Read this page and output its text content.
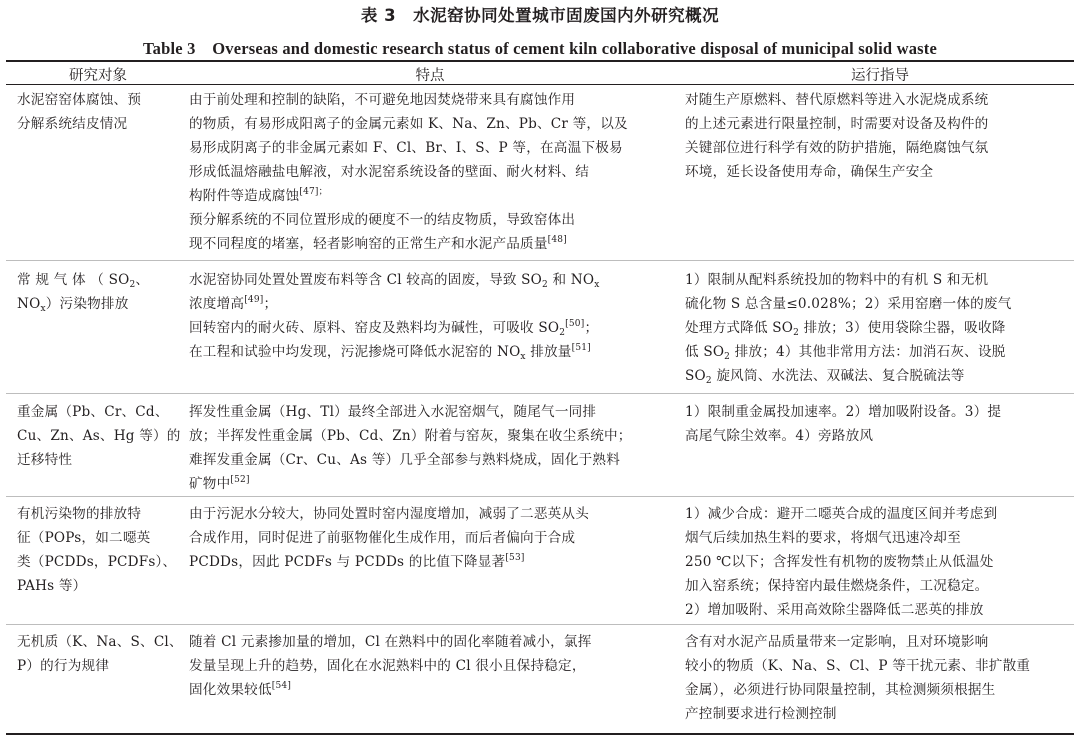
表 3　水泥窑协同处置城市固废国内外研究概况
Table 3　Overseas and domestic research status of cement kiln collaborative disposal of municipal solid waste
研究对象	特点	运行指导
水泥窑窑体腐蚀、预
分解系统结皮情况
由于前处理和控制的缺陷，不可避免地因焚烧带来具有腐蚀作用
的物质，有易形成阳离子的金属元素如 K、Na、Zn、Pb、Cr 等，以及
易形成阴离子的非金属元素如 F、Cl、Br、I、S、P 等，在高温下极易
形成低温熔融盐电解液，对水泥窑系统设备的壁面、耐火材料、结
构附件等造成腐蚀$^{[47];}$
预分解系统的不同位置形成的硬度不一的结皮物质，导致窑体出
现不同程度的堵塞，轻者影响窑的正常生产和水泥产品质量[48]
对随生产原燃料、替代原燃料等进入水泥烧成系统
的上述元素进行限量控制，时需要对设备及构件的
关键部位进行科学有效的防护措施，隔绝腐蚀气氛
环境，延长设备使用寿命，确保生产安全
常 规 气 体 （ $SO_2$、
$NO_x$）污染物排放
水泥窑协同处置处置废布料等含 Cl 较高的固废，导致 $SO_2$ 和 $NO_x$
浓度增高[49]；
回转窑内的耐火砖、原料、窑皮及熟料均为碱性，可吸收 $SO_2[50]$；
在工程和试验中均发现，污泥掺烧可降低水泥窑的 $NO_x$ 排放量[51]
1）限制从配料系统投加的物料中的有机 S 和无机
硫化物 S 总含量≤0.028%；2）采用窑磨一体的废气
处理方式降低 $SO_2$ 排放；3）使用袋除尘器，吸收降
低 $SO_2$ 排放；4）其他非常用方法：加消石灰、设脱
$SO_2$ 旋风筒、水洗法、双碱法、复合脱硫法等
重金属（Pb、Cr、Cd、
Cu、Zn、As、Hg 等）的
迁移特性
挥发性重金属（Hg、Tl）最终全部进入水泥窑烟气，随尾气一同排
放；半挥发性重金属（Pb、Cd、Zn）附着与窑灰，聚集在收尘系统中；
难挥发重金属（Cr、Cu、As 等）几乎全部参与熟料烧成，固化于熟料
矿物中[52]
1）限制重金属投加速率。2）增加吸附设备。3）提
高尾气除尘效率。4）旁路放风
有机污染物的排放特
征（POPs，如二噁英
类（PCDDs，PCDFs）、
PAHs 等）
由于污泥水分较大，协同处置时窑内湿度增加，减弱了二恶英从头
合成作用，同时促进了前驱物催化生成作用，而后者偏向于合成
PCDDs，因此 PCDFs 与 PCDDs 的比值下降显著[53]
1）减少合成：避开二噁英合成的温度区间并考虑到
烟气后续加热生料的要求，将烟气迅速冷却至
250 ℃以下；含挥发性有机物的废物禁止从低温处
加入窑系统；保持窑内最佳燃烧条件，工况稳定。
2）增加吸附、采用高效除尘器降低二恶英的排放
无机质（K、Na、S、Cl、
P）的行为规律
随着 Cl 元素掺加量的增加，Cl 在熟料中的固化率随着减小，氯挥
发量呈现上升的趋势，固化在水泥熟料中的 Cl 很小且保持稳定，
固化效果较低[54]
含有对水泥产品质量带来一定影响，且对环境影响
较小的物质（K、Na、S、Cl、P 等干扰元素、非扩散重
金属），必须进行协同限量控制，其检测频须根据生
产控制要求进行检测控制
